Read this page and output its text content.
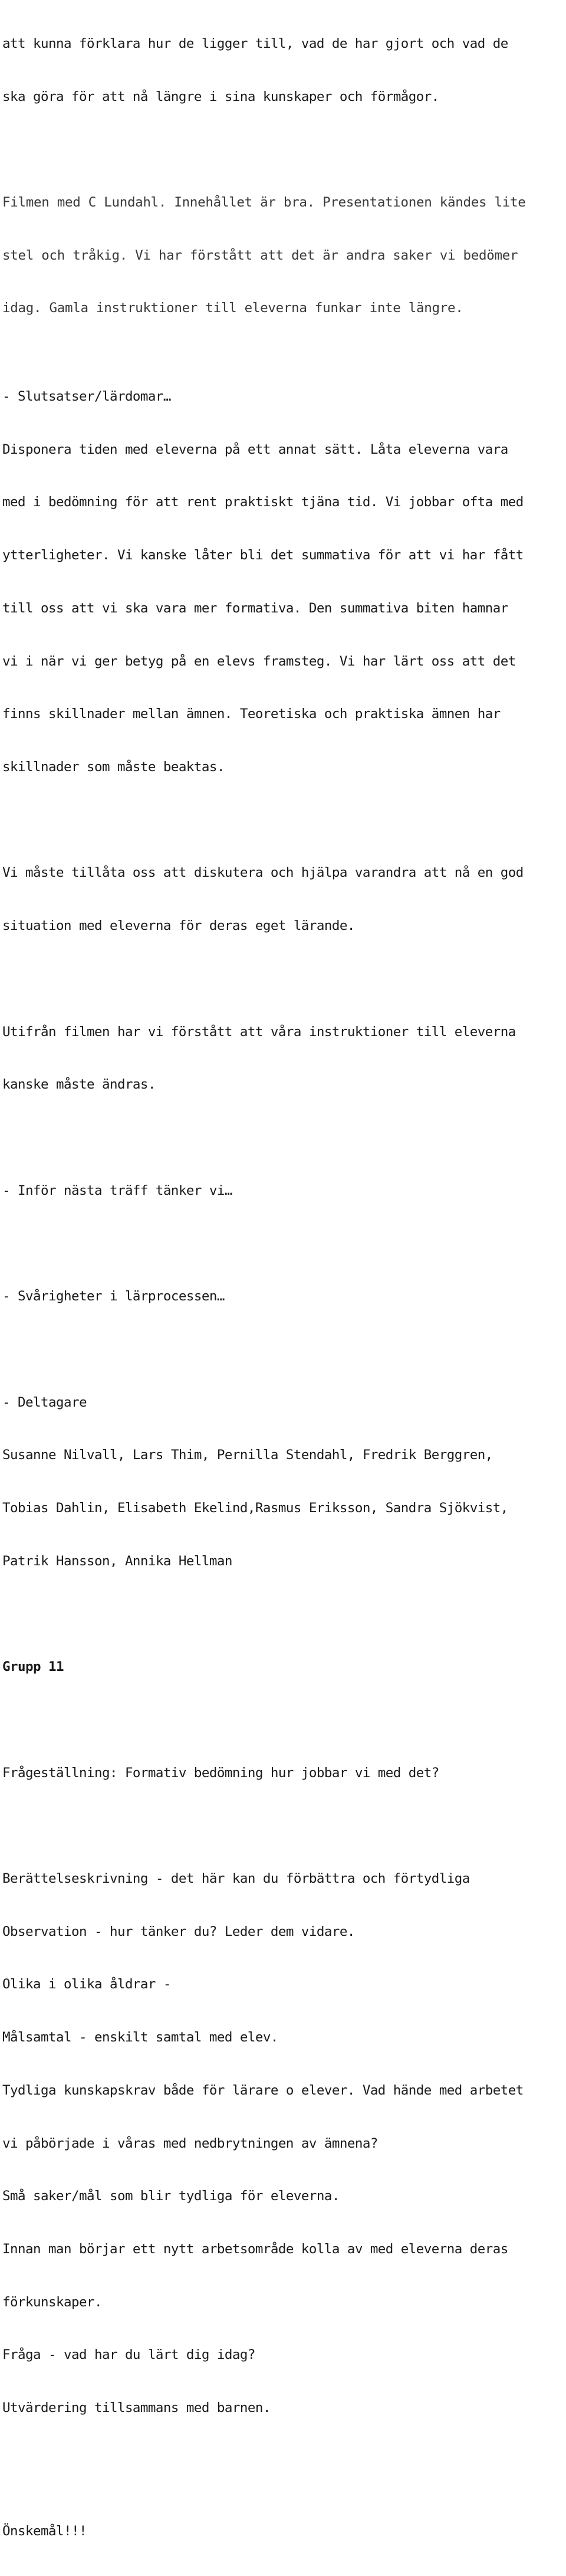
att kunna förklara hur de ligger till, vad de har gjort och vad de

ska göra för att nå längre i sina kunskaper och förmågor.

Filmen med C Lundahl. Innehållet är bra. Presentationen kändes lite

stel och tråkig. Vi har förstått att det är andra saker vi bedömer

idag. Gamla instruktioner till eleverna funkar inte längre.

- Slutsatser/lärdomar…

Disponera tiden med eleverna på ett annat sätt. Låta eleverna vara

med i bedömning för att rent praktiskt tjäna tid. Vi jobbar ofta med

ytterligheter. Vi kanske låter bli det summativa för att vi har fått

till oss att vi ska vara mer formativa. Den summativa biten hamnar

vi i när vi ger betyg på en elevs framsteg. Vi har lärt oss att det

finns skillnader mellan ämnen. Teoretiska och praktiska ämnen har

skillnader som måste beaktas.

Vi måste tillåta oss att diskutera och hjälpa varandra att nå en god

situation med eleverna för deras eget lärande.

Utifrån filmen har vi förstått att våra instruktioner till eleverna

kanske måste ändras.

- Inför nästa träff tänker vi…

- Svårigheter i lärprocessen…

- Deltagare

Susanne Nilvall, Lars Thim, Pernilla Stendahl, Fredrik Berggren,

Tobias Dahlin, Elisabeth Ekelind,Rasmus Eriksson, Sandra Sjökvist,

Patrik Hansson, Annika Hellman

Grupp 11

Frågeställning: Formativ bedömning hur jobbar vi med det?

Berättelseskrivning - det här kan du förbättra och förtydliga

Observation - hur tänker du? Leder dem vidare.

Olika i olika åldrar -

Målsamtal - enskilt samtal med elev.

Tydliga kunskapskrav både för lärare o elever. Vad hände med arbetet

vi påbörjade i våras med nedbrytningen av ämnena?

Små saker/mål som blir tydliga för eleverna.

Innan man börjar ett nytt arbetsområde kolla av med eleverna deras

förkunskaper.

Fråga - vad har du lärt dig idag?

Utvärdering tillsammans med barnen.

Önskemål!!!
